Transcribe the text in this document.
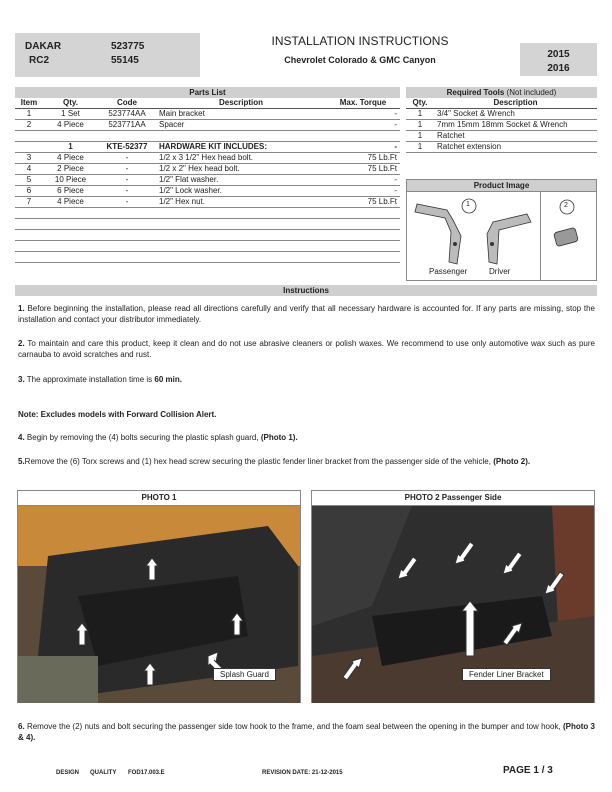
DAKAR	523775
RC2	55145
INSTALLATION INSTRUCTIONS
Chevrolet Colorado & GMC Canyon	2015
2016
Parts List				
Item	Qty.	Code	Description	Max. Torque
1	1 Set	523774AA	Main bracket	-
2	4 Piece	523771AA	Spacer	-

	1	KTE-52377	HARDWARE KIT INCLUDES:	-
3	4 Piece	-	1/2 x 3 1/2" Hex head bolt.	75 Lb.Ft
4	2 Piece	-	1/2 x 2" Hex head bolt.	75 Lb.Ft
5	10 Piece	-	1/2" Flat washer.	-
6	6 Piece	-	1/2" Lock washer.	-
7	4 Piece	-	1/2" Hex nut.	75 Lb.Ft

Required Tools (Not included)	
Qty.	Description
1	3/4" Socket & Wrench
1	7mm 15mm 18mm Socket & Wrench
1	Ratchet
1	Ratchet extension
Product Image
Passenger	Driver
1	2
Instructions
1. Before beginning the installation, please read all directions carefully and verify that all necessary hardware is accounted for. If any parts are missing, stop the installation and contact your distributor immediately.
2. To maintain and care this product, keep it clean and do not use abrasive cleaners or polish waxes. We recommend to use only automotive wax such as pure carnauba to avoid scratches and rust.
3. The approximate installation time is 60 min.
Note: Excludes models with Forward Collision Alert.
4. Begin by removing the (4) bolts securing the plastic splash guard, (Photo 1).
5.Remove the (6) Torx screws and (1) hex head screw securing the plastic fender liner bracket from the passenger side of the vehicle, (Photo 2).
PHOTO 1
Splash Guard
PHOTO 2 Passenger Side
Fender Liner Bracket
6. Remove the (2) nuts and bolt securing the passenger side tow hook to the frame, and the foam seal between the opening in the bumper and tow hook, (Photo 3 & 4).
DESIGN QUALITY FOD17.003.E	REVISION DATE: 21-12-2015	PAGE 1 / 3
